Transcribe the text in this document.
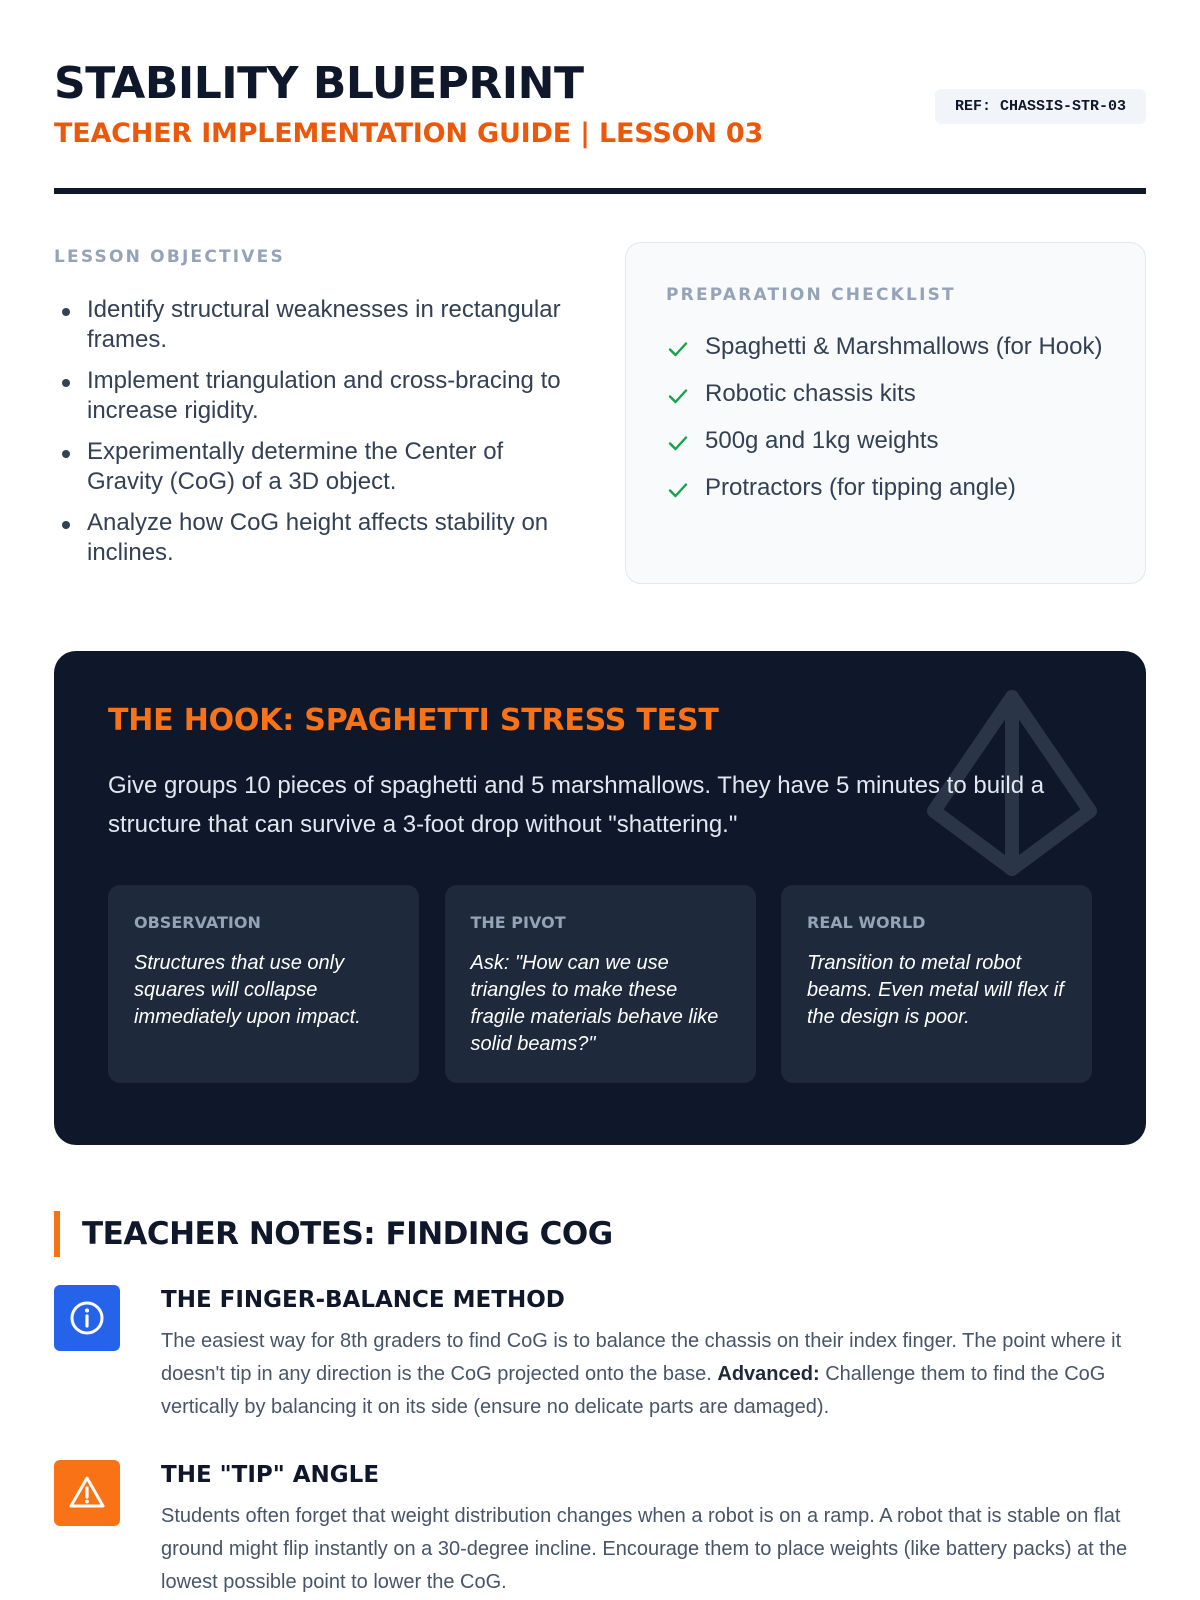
STABILITY BLUEPRINT
TEACHER IMPLEMENTATION GUIDE | LESSON 03
REF: CHASSIS-STR-03
LESSON OBJECTIVES
Identify structural weaknesses in rectangular frames.
Implement triangulation and cross-bracing to increase rigidity.
Experimentally determine the Center of Gravity (CoG) of a 3D object.
Analyze how CoG height affects stability on inclines.
PREPARATION CHECKLIST
Spaghetti & Marshmallows (for Hook)
Robotic chassis kits
500g and 1kg weights
Protractors (for tipping angle)
THE HOOK: SPAGHETTI STRESS TEST

Give groups 10 pieces of spaghetti and 5 marshmallows. They have 5 minutes to build a structure that can survive a 3-foot drop without "shattering."

OBSERVATION
Structures that use only squares will collapse immediately upon impact.
THE PIVOT
Ask: "How can we use triangles to make these fragile materials behave like solid beams?"
REAL WORLD
Transition to metal robot beams. Even metal will flex if the design is poor.
TEACHER NOTES: FINDING COG
THE FINGER-BALANCE METHOD

The easiest way for 8th graders to find CoG is to balance the chassis on their index finger. The point where it doesn't tip in any direction is the CoG projected onto the base. Advanced: Challenge them to find the CoG vertically by balancing it on its side (ensure no delicate parts are damaged).

THE "TIP" ANGLE

Students often forget that weight distribution changes when a robot is on a ramp. A robot that is stable on flat ground might flip instantly on a 30-degree incline. Encourage them to place weights (like battery packs) at the lowest possible point to lower the CoG.
